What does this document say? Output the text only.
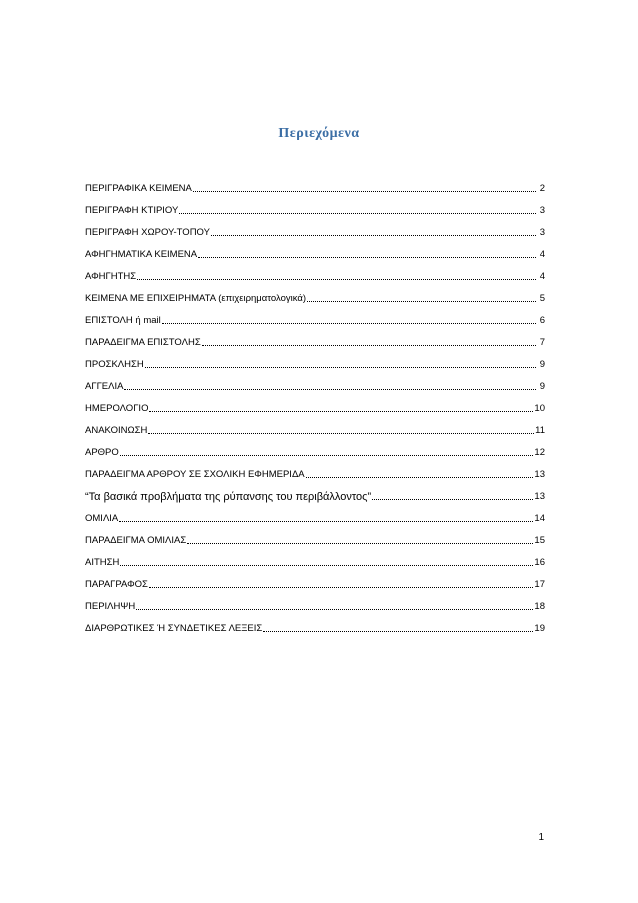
Περιεχόμενα
ΠΕΡΙΓΡΑΦΙΚΑ ΚΕΙΜΕΝΑ	2
ΠΕΡΙΓΡΑΦΗ ΚΤΙΡΙΟΥ	3
ΠΕΡΙΓΡΑΦΗ ΧΩΡΟΥ-ΤΟΠΟΥ	3
ΑΦΗΓΗΜΑΤΙΚΑ ΚΕΙΜΕΝΑ	4
ΑΦΗΓΗΤΗΣ	4
ΚΕΙΜΕΝΑ ΜΕ ΕΠΙΧΕΙΡΗΜΑΤΑ (επιχειρηματολογικά)	5
ΕΠΙΣΤΟΛΗ ή mail	6
ΠΑΡΑΔΕΙΓΜΑ ΕΠΙΣΤΟΛΗΣ	7
ΠΡΟΣΚΛΗΣΗ	9
ΑΓΓΕΛΙΑ	9
ΗΜΕΡΟΛΟΓΙΟ	10
ΑΝΑΚΟΙΝΩΣΗ	11
ΑΡΘΡΟ	12
ΠΑΡΑΔΕΙΓΜΑ ΑΡΘΡΟΥ ΣΕ ΣΧΟΛΙΚΗ ΕΦΗΜΕΡΙΔΑ	13
“Τα βασικά προβλήματα της ρύπανσης του περιβάλλοντος”	13
ΟΜΙΛΙΑ	14
ΠΑΡΑΔΕΙΓΜΑ ΟΜΙΛΙΑΣ	15
ΑΙΤΗΣΗ	16
ΠΑΡΑΓΡΑΦΟΣ	17
ΠΕΡΙΛΗΨΗ	18
ΔΙΑΡΘΡΩΤΙΚΕΣ Ή ΣΥΝΔΕΤΙΚΕΣ ΛΕΞΕΙΣ	19
1
